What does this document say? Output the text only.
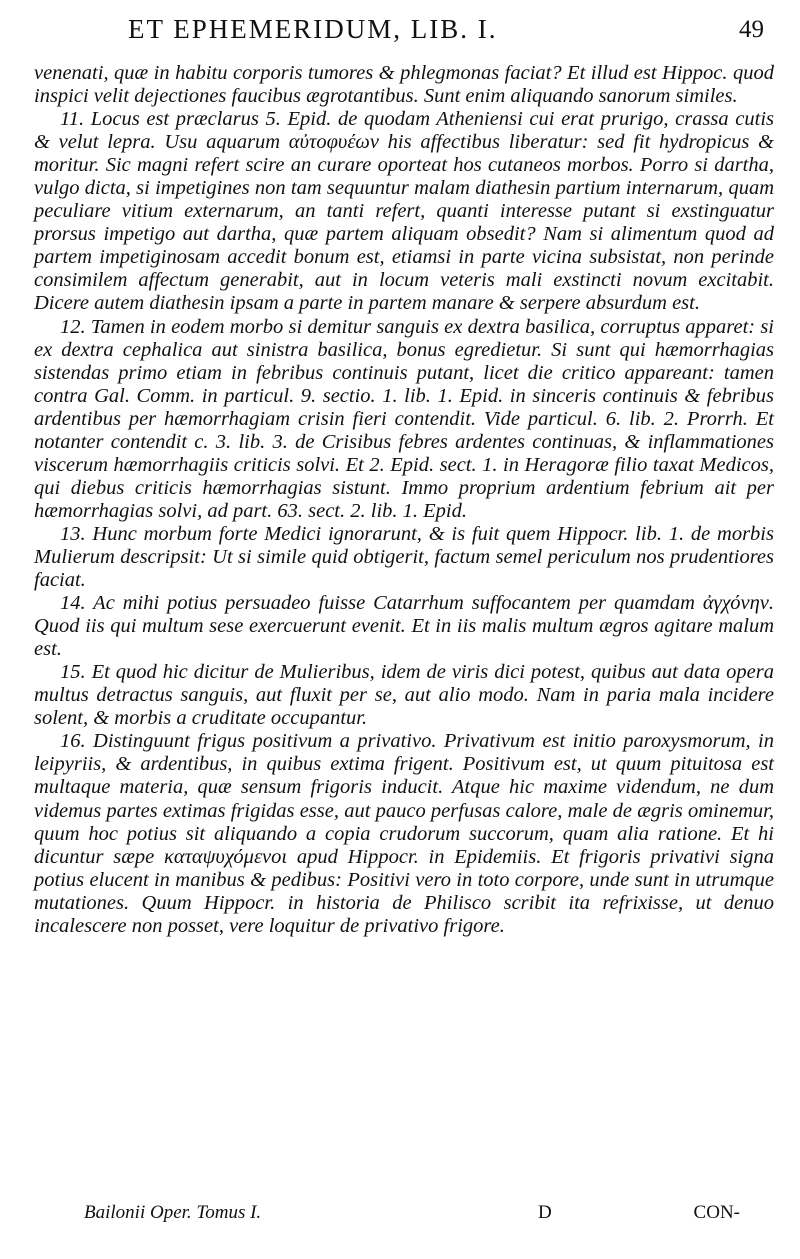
ET EPHEMERIDUM, LIB. I.	49

venenati, quæ in habitu corporis tumores & phlegmonas faciat? Et illud est Hippoc. quod inspici velit dejectiones faucibus ægrotantibus. Sunt enim aliquando sanorum similes.

11. Locus est præclarus 5. Epid. de quodam Atheniensi cui erat prurigo, crassa cutis & velut lepra. Usu aquarum αὐτοφυέων his affectibus liberatur: sed fit hydropicus & moritur. Sic magni refert scire an curare oporteat hos cutaneos morbos. Porro si dartha, vulgo dicta, si impetigines non tam sequuntur malam diathesin partium internarum, quam peculiare vitium externarum, an tanti refert, quanti interesse putant si exstinguatur prorsus impetigo aut dartha, quæ partem aliquam obsedit? Nam si alimentum quod ad partem impetiginosam accedit bonum est, etiamsi in parte vicina subsistat, non perinde consimilem affectum generabit, aut in locum veteris mali exstincti novum excitabit. Dicere autem diathesin ipsam a parte in partem manare & serpere absurdum est.

12. Tamen in eodem morbo si demitur sanguis ex dextra basilica, corruptus apparet: si ex dextra cephalica aut sinistra basilica, bonus egredietur. Si sunt qui hæmorrhagias sistendas primo etiam in febribus continuis putant, licet die critico appareant: tamen contra Gal. Comm. in particul. 9. sectio. 1. lib. 1. Epid. in sinceris continuis & febribus ardentibus per hæmorrhagiam crisin fieri contendit. Vide particul. 6. lib. 2. Prorrh. Et notanter contendit c. 3. lib. 3. de Crisibus febres ardentes continuas, & inflammationes viscerum hæmorrhagiis criticis solvi. Et 2. Epid. sect. 1. in Heragoræ filio taxat Medicos, qui diebus criticis hæmorrhagias sistunt. Immo proprium ardentium febrium ait per hæmorrhagias solvi, ad part. 63. sect. 2. lib. 1. Epid.

13. Hunc morbum forte Medici ignorarunt, & is fuit quem Hippocr. lib. 1. de morbis Mulierum descripsit: Ut si simile quid obtigerit, factum semel periculum nos prudentiores faciat.

14. Ac mihi potius persuadeo fuisse Catarrhum suffocantem per quamdam ἀγχόνην. Quod iis qui multum sese exercuerunt evenit. Et in iis malis multum ægros agitare malum est.

15. Et quod hic dicitur de Mulieribus, idem de viris dici potest, quibus aut data opera multus detractus sanguis, aut fluxit per se, aut alio modo. Nam in paria mala incidere solent, & morbis a cruditate occupantur.

16. Distinguunt frigus positivum a privativo. Privativum est initio paroxysmorum, in leipyriis, & ardentibus, in quibus extima frigent. Positivum est, ut quum pituitosa est multaque materia, quæ sensum frigoris inducit. Atque hic maxime videndum, ne dum videmus partes extimas frigidas esse, aut pauco perfusas calore, male de ægris ominemur, quum hoc potius sit aliquando a copia crudorum succorum, quam alia ratione. Et hi dicuntur sæpe καταψυχόμενοι apud Hippocr. in Epidemiis. Et frigoris privativi signa potius elucent in manibus & pedibus: Positivi vero in toto corpore, unde sunt in utrumque mutationes. Quum Hippocr. in historia de Philisco scribit ita refrixisse, ut denuo incalescere non posset, vere loquitur de privativo frigore.

Bailonii Oper. Tomus I.	D	CON-
